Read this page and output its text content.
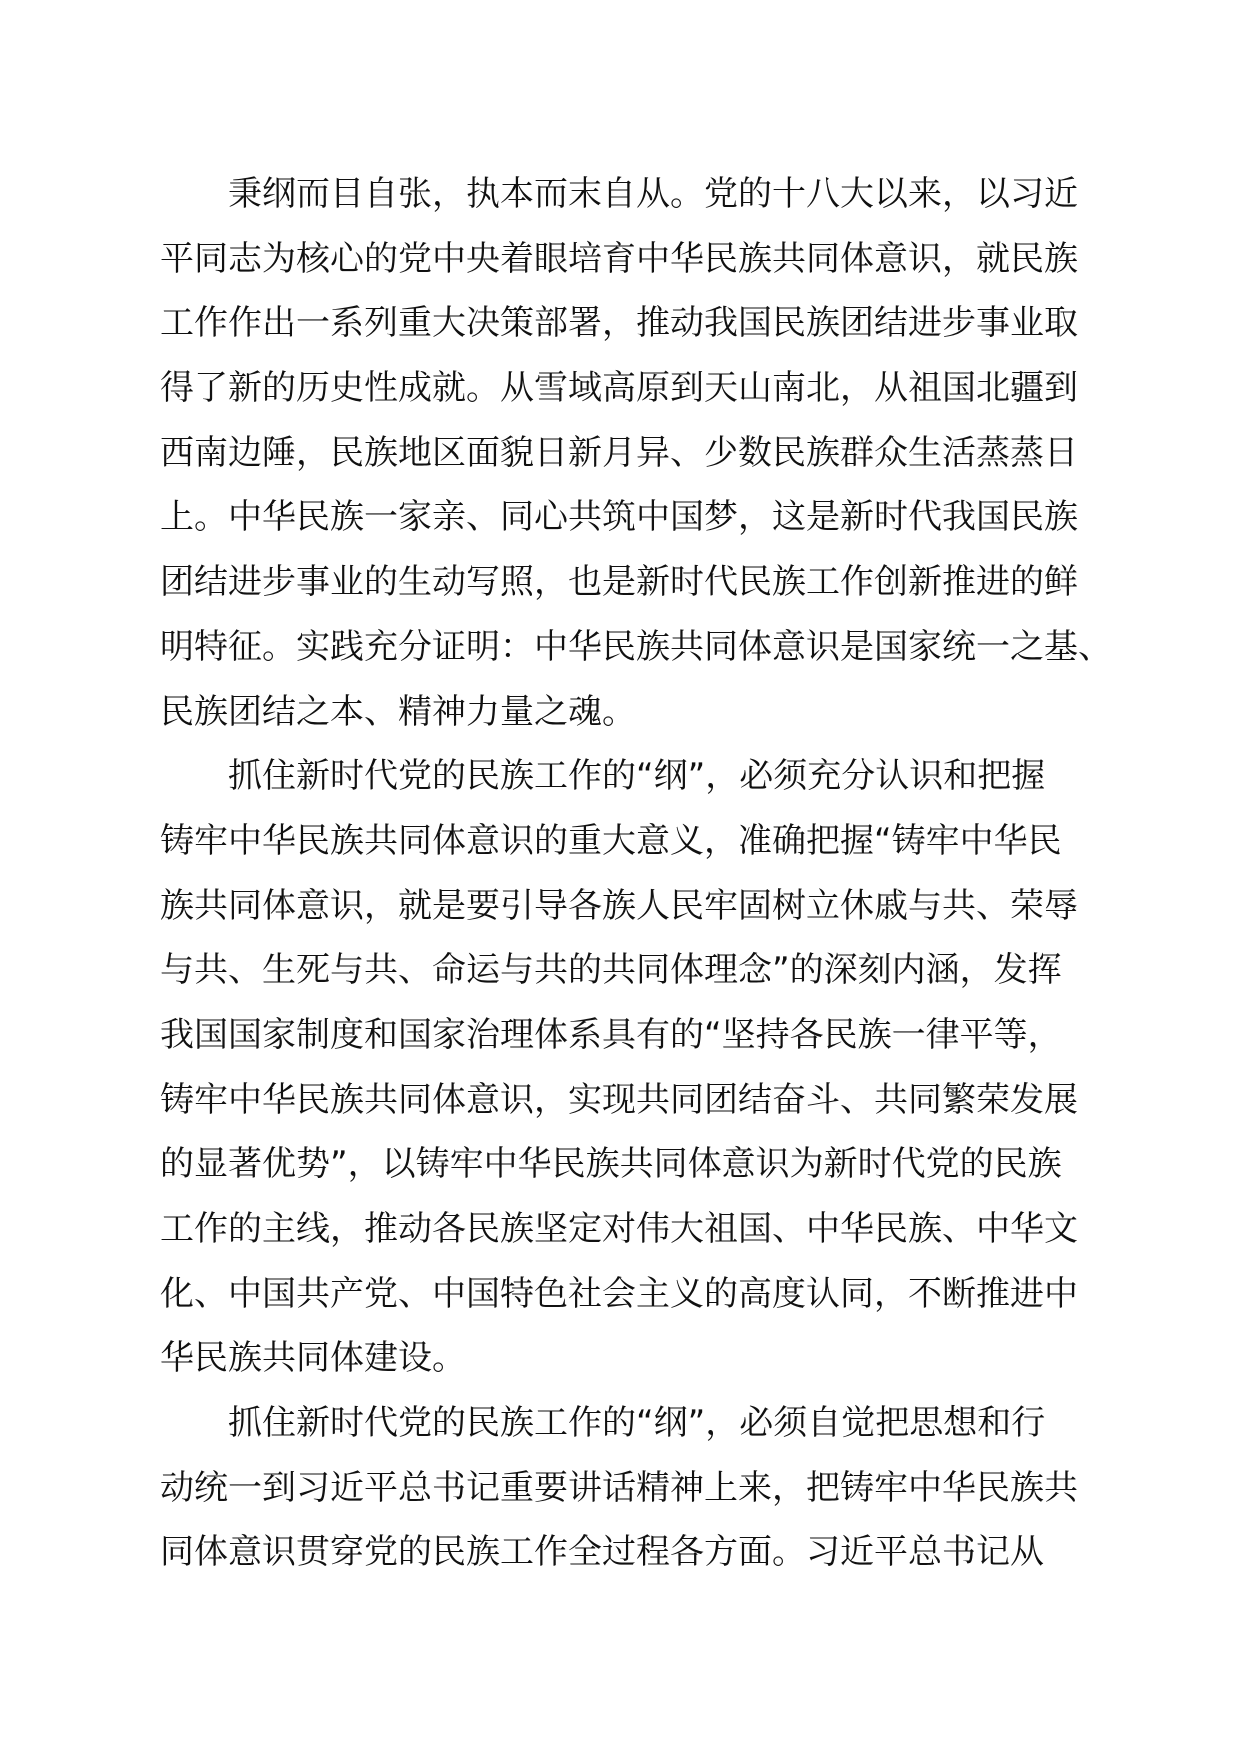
秉纲而目自张，执本而末自从。党的十八大以来，以习近
平同志为核心的党中央着眼培育中华民族共同体意识，就民族
工作作出一系列重大决策部署，推动我国民族团结进步事业取
得了新的历史性成就。从雪域高原到天山南北，从祖国北疆到
西南边陲，民族地区面貌日新月异、少数民族群众生活蒸蒸日
上。中华民族一家亲、同心共筑中国梦，这是新时代我国民族
团结进步事业的生动写照，也是新时代民族工作创新推进的鲜
明特征。实践充分证明：中华民族共同体意识是国家统一之基、
民族团结之本、精神力量之魂。
抓住新时代党的民族工作的“纲”，必须充分认识和把握
铸牢中华民族共同体意识的重大意义，准确把握“铸牢中华民
族共同体意识，就是要引导各族人民牢固树立休戚与共、荣辱
与共、生死与共、命运与共的共同体理念”的深刻内涵，发挥
我国国家制度和国家治理体系具有的“坚持各民族一律平等，
铸牢中华民族共同体意识，实现共同团结奋斗、共同繁荣发展
的显著优势”，以铸牢中华民族共同体意识为新时代党的民族
工作的主线，推动各民族坚定对伟大祖国、中华民族、中华文
化、中国共产党、中国特色社会主义的高度认同，不断推进中
华民族共同体建设。
抓住新时代党的民族工作的“纲”，必须自觉把思想和行
动统一到习近平总书记重要讲话精神上来，把铸牢中华民族共
同体意识贯穿党的民族工作全过程各方面。习近平总书记从
